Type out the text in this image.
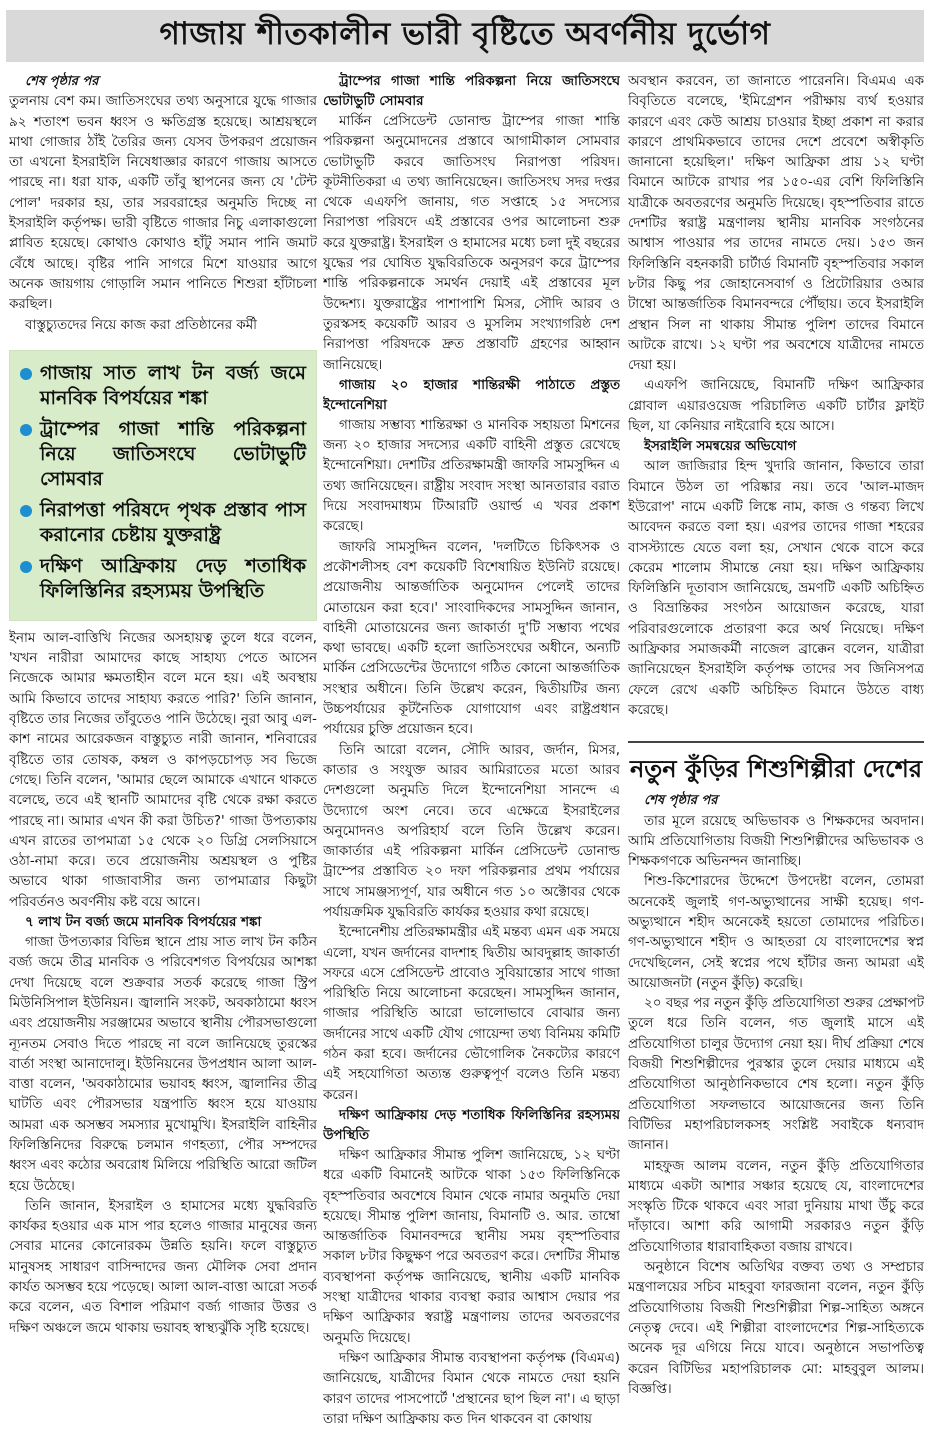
গাজায় শীতকালীন ভারী বৃষ্টিতে অবর্ণনীয় দুর্ভোগ

শেষ পৃষ্ঠার পর

তুলনায় বেশ কম। জাতিসংঘের তথ্য অনুসারে যুদ্ধে গাজার ৯২ শতাংশ ভবন ধ্বংস ও ক্ষতিগ্রস্ত হয়েছে। আশ্রয়স্থলে মাথা গোজার ঠাঁই তৈরির জন্য যেসব উপকরণ প্রয়োজন তা এখনো ইসরাইলি নিষেধাজ্ঞার কারণে গাজায় আসতে পারছে না। ধরা যাক, একটি তাঁবু স্থাপনের জন্য যে 'টেন্ট পোল' দরকার হয়, তার সরবরাহের অনুমতি দিচ্ছে না ইসরাইলি কর্তৃপক্ষ। ভারী বৃষ্টিতে গাজার নিচু এলাকাগুলো প্লাবিত হয়েছে। কোথাও কোথাও হাঁটু সমান পানি জমাট বেঁধে আছে। বৃষ্টির পানি সাগরে মিশে যাওয়ার আগে অনেক জায়গায় গোড়ালি সমান পানিতে শিশুরা হাঁটাচলা করছিল।

বাস্তুচ্যুতদের নিয়ে কাজ করা প্রতিষ্ঠানের কর্মী

গাজায় সাত লাখ টন বর্জ্য জমে মানবিক বিপর্যয়ের শঙ্কা
ট্রাম্পের গাজা শান্তি পরিকল্পনা নিয়ে জাতিসংঘে ভোটাভুটি সোমবার
নিরাপত্তা পরিষদে পৃথক প্রস্তাব পাস করানোর চেষ্টায় যুক্তরাষ্ট্র
দক্ষিণ আফ্রিকায় দেড় শতাধিক ফিলিস্তিনির রহস্যময় উপস্থিতি

ইনাম আল-বাত্তিখি নিজের অসহায়ত্ব তুলে ধরে বলেন, 'যখন নারীরা আমাদের কাছে সাহায্য পেতে আসেন নিজেকে আমার ক্ষমতাহীন বলে মনে হয়। এই অবস্থায় আমি কিভাবে তাদের সাহায্য করতে পারি?' তিনি জানান, বৃষ্টিতে তার নিজের তাঁবুতেও পানি উঠেছে। নুরা আবু এল-কাশ নামের আরেকজন বাস্তুচ্যুত নারী জানান, শনিবারের বৃষ্টিতে তার তোষক, কম্বল ও কাপড়চোপড় সব ভিজে গেছে। তিনি বলেন, 'আমার ছেলে আমাকে এখানে থাকতে বলেছে, তবে এই স্থানটি আমাদের বৃষ্টি থেকে রক্ষা করতে পারছে না। আমার এখন কী করা উচিত?' গাজা উপত্যকায় এখন রাতের তাপমাত্রা ১৫ থেকে ২০ ডিগ্রি সেলসিয়াসে ওঠা-নামা করে। তবে প্রয়োজনীয় অশ্রয়স্থল ও পুষ্টির অভাবে থাকা গাজাবাসীর জন্য তাপমাত্রার কিছুটা পরিবর্তনও অবর্ণনীয় কষ্ট বয়ে আনে।

৭ লাখ টন বর্জ্য জমে মানবিক বিপর্যয়ের শঙ্কা

গাজা উপত্যকার বিভিন্ন স্থানে প্রায় সাত লাখ টন কঠিন বর্জ্য জমে তীব্র মানবিক ও পরিবেশগত বিপর্যয়ের আশঙ্কা দেখা দিয়েছে বলে শুক্রবার সতর্ক করেছে গাজা স্ট্রিপ মিউনিসিপাল ইউনিয়ন। জ্বালানি সংকট, অবকাঠামো ধ্বংস এবং প্রয়োজনীয় সরঞ্জামের অভাবে স্থানীয় পৌরসভাগুলো ন্যূনতম সেবাও দিতে পারছে না বলে জানিয়েছে তুরস্কের বার্তা সংস্থা আনাদোলু। ইউনিয়নের উপপ্রধান আলা আল-বাত্তা বলেন, 'অবকাঠামোর ভয়াবহ ধ্বংস, জ্বালানির তীব্র ঘাটতি এবং পৌরসভার যন্ত্রপাতি ধ্বংস হয়ে যাওয়ায় আমরা এক অসম্ভব সমস্যার মুখোমুখি। ইসরাইলি বাহিনীর ফিলিস্তিনিদের বিরুদ্ধে চলমান গণহত্যা, পৌর সম্পদের ধ্বংস এবং কঠোর অবরোধ মিলিয়ে পরিস্থিতি আরো জটিল হয়ে উঠেছে।

তিনি জানান, ইসরাইল ও হামাসের মধ্যে যুদ্ধবিরতি কার্যকর হওয়ার এক মাস পার হলেও গাজার মানুষের জন্য সেবার মানের কোনোরকম উন্নতি হয়নি। ফলে বাস্তুচ্যুত মানুষসহ সাধারণ বাসিন্দাদের জন্য মৌলিক সেবা প্রদান কার্যত অসম্ভব হয়ে পড়েছে। আলা আল-বাত্তা আরো সতর্ক করে বলেন, এত বিশাল পরিমাণ বর্জ্য গাজার উত্তর ও দক্ষিণ অঞ্চলে জমে থাকায় ভয়াবহ স্বাস্থ্যঝুঁকি সৃষ্টি হয়েছে।

ট্রাম্পের গাজা শান্তি পরিকল্পনা নিয়ে জাতিসংঘে ভোটাভুটি সোমবার

মার্কিন প্রেসিডেন্ট ডোনাল্ড ট্রাম্পের গাজা শান্তি পরিকল্পনা অনুমোদনের প্রস্তাবে আগামীকাল সোমবার ভোটাভুটি করবে জাতিসংঘ নিরাপত্তা পরিষদ। কূটনীতিকরা এ তথ্য জানিয়েছেন। জাতিসংঘ সদর দপ্তর থেকে এএফপি জানায়, গত সপ্তাহে ১৫ সদস্যের নিরাপত্তা পরিষদে এই প্রস্তাবের ওপর আলোচনা শুরু করে যুক্তরাষ্ট্র। ইসরাইল ও হামাসের মধ্যে চলা দুই বছরের যুদ্ধের পর ঘোষিত যুদ্ধবিরতিকে অনুসরণ করে ট্রাম্পের শান্তি পরিকল্পনাকে সমর্থন দেয়াই এই প্রস্তাবের মূল উদ্দেশ্য। যুক্তরাষ্ট্রের পাশাপাশি মিসর, সৌদি আরব ও তুরস্কসহ কয়েকটি আরব ও মুসলিম সংখ্যাগরিষ্ঠ দেশ নিরাপত্তা পরিষদকে দ্রুত প্রস্তাবটি গ্রহণের আহ্বান জানিয়েছে।

গাজায় ২০ হাজার শান্তিরক্ষী পাঠাতে প্রস্তুত ইন্দোনেশিয়া

গাজায় সম্ভাব্য শান্তিরক্ষা ও মানবিক সহায়তা মিশনের জন্য ২০ হাজার সদস্যের একটি বাহিনী প্রস্তুত রেখেছে ইন্দোনেশিয়া। দেশটির প্রতিরক্ষামন্ত্রী জাফরি সামসুদ্দিন এ তথ্য জানিয়েছেন। রাষ্ট্রীয় সংবাদ সংস্থা আনতারার বরাত দিয়ে সংবাদমাধ্যম টিআরটি ওয়ার্ল্ড এ খবর প্রকাশ করেছে।

জাফরি সামসুদ্দিন বলেন, 'দলটিতে চিকিৎসক ও প্রকৌশলীসহ বেশ কয়েকটি বিশেষায়িত ইউনিট রয়েছে। প্রয়োজনীয় আন্তর্জাতিক অনুমোদন পেলেই তাদের মোতায়েন করা হবে।' সাংবাদিকদের সামসুদ্দিন জানান, বাহিনী মোতায়েনের জন্য জাকার্তা দু'টি সম্ভাব্য পথের কথা ভাবছে। একটি হলো জাতিসংঘের অধীনে, অন্যটি মার্কিন প্রেসিডেন্টের উদ্যোগে গঠিত কোনো আন্তর্জাতিক সংস্থার অধীনে। তিনি উল্লেখ করেন, দ্বিতীয়টির জন্য উচ্চপর্যায়ের কূটনৈতিক যোগাযোগ এবং রাষ্ট্রপ্রধান পর্যায়ের চুক্তি প্রয়োজন হবে।

তিনি আরো বলেন, সৌদি আরব, জর্দান, মিসর, কাতার ও সংযুক্ত আরব আমিরাতের মতো আরব দেশগুলো অনুমতি দিলে ইন্দোনেশিয়া সানন্দে এ উদ্যোগে অংশ নেবে। তবে এক্ষেত্রে ইসরাইলের অনুমোদনও অপরিহার্য বলে তিনি উল্লেখ করেন। জাকার্তার এই পরিকল্পনা মার্কিন প্রেসিডেন্ট ডোনাল্ড ট্রাম্পের প্রস্তাবিত ২০ দফা পরিকল্পনার প্রথম পর্যায়ের সাথে সামঞ্জস্যপূর্ণ, যার অধীনে গত ১০ অক্টোবর থেকে পর্যায়ক্রমিক যুদ্ধবিরতি কার্যকর হওয়ার কথা রয়েছে।

ইন্দোনেশীয় প্রতিরক্ষামন্ত্রীর এই মন্তব্য এমন এক সময়ে এলো, যখন জর্দানের বাদশাহ দ্বিতীয় আবদুল্লাহ জাকার্তা সফরে এসে প্রেসিডেন্ট প্রাবোও সুবিয়ান্তোর সাথে গাজা পরিস্থিতি নিয়ে আলোচনা করেছেন। সামসুদ্দিন জানান, গাজার পরিস্থিতি আরো ভালোভাবে বোঝার জন্য জর্দানের সাথে একটি যৌথ গোয়েন্দা তথ্য বিনিময় কমিটি গঠন করা হবে। জর্দানের ভৌগোলিক নৈকট্যের কারণে এই সহযোগিতা অত্যন্ত গুরুত্বপূর্ণ বলেও তিনি মন্তব্য করেন।

দক্ষিণ আফ্রিকায় দেড় শতাধিক ফিলিস্তিনির রহস্যময় উপস্থিতি

দক্ষিণ আফ্রিকার সীমান্ত পুলিশ জানিয়েছে, ১২ ঘণ্টা ধরে একটি বিমানেই আটকে থাকা ১৫৩ ফিলিস্তিনিকে বৃহস্পতিবার অবশেষে বিমান থেকে নামার অনুমতি দেয়া হয়েছে। সীমান্ত পুলিশ জানায়, বিমানটি ও. আর. তাম্বো আন্তর্জাতিক বিমানবন্দরে স্থানীয় সময় বৃহস্পতিবার সকাল ৮টার কিছুক্ষণ পরে অবতরণ করে। দেশটির সীমান্ত ব্যবস্থাপনা কর্তৃপক্ষ জানিয়েছে, স্থানীয় একটি মানবিক সংস্থা যাত্রীদের থাকার ব্যবস্থা করার আশ্বাস দেয়ার পর দক্ষিণ আফ্রিকার স্বরাষ্ট্র মন্ত্রণালয় তাদের অবতরণের অনুমতি দিয়েছে।

দক্ষিণ আফ্রিকার সীমান্ত ব্যবস্থাপনা কর্তৃপক্ষ (বিএমএ) জানিয়েছে, যাত্রীদের বিমান থেকে নামতে দেয়া হয়নি কারণ তাদের পাসপোর্টে 'প্রস্থানের ছাপ ছিল না'। এ ছাড়া তারা দক্ষিণ আফ্রিকায় কত দিন থাকবেন বা কোথায়

অবস্থান করবেন, তা জানাতে পারেননি। বিএমএ এক বিবৃতিতে বলেছে, 'ইমিগ্রেশন পরীক্ষায় ব্যর্থ হওয়ার কারণে এবং কেউ আশ্রয় চাওয়ার ইচ্ছা প্রকাশ না করার কারণে প্রাথমিকভাবে তাদের দেশে প্রবেশে অস্বীকৃতি জানানো হয়েছিল।' দক্ষিণ আফ্রিকা প্রায় ১২ ঘণ্টা বিমানে আটকে রাখার পর ১৫০-এর বেশি ফিলিস্তিনি যাত্রীকে অবতরণের অনুমতি দিয়েছে। বৃহস্পতিবার রাতে দেশটির স্বরাষ্ট্র মন্ত্রণালয় স্থানীয় মানবিক সংগঠনের আশ্বাস পাওয়ার পর তাদের নামতে দেয়। ১৫৩ জন ফিলিস্তিনি বহনকারী চার্টার্ড বিমানটি বৃহস্পতিবার সকাল ৮টার কিছু পর জোহানেসবার্গ ও প্রিটোরিয়ার ওআর টাম্বো আন্তর্জাতিক বিমানবন্দরে পৌঁছায়। তবে ইসরাইলি প্রস্থান সিল না থাকায় সীমান্ত পুলিশ তাদের বিমানে আটকে রাখে। ১২ ঘণ্টা পর অবশেষে যাত্রীদের নামতে দেয়া হয়।

এএফপি জানিয়েছে, বিমানটি দক্ষিণ আফ্রিকার গ্লোবাল এয়ারওয়েজ পরিচালিত একটি চার্টার ফ্লাইট ছিল, যা কেনিয়ার নাইরোবি হয়ে আসে।

ইসরাইলি সমন্বয়ের অভিযোগ

আল জাজিরার হিন্দ খুদারি জানান, কিভাবে তারা বিমানে উঠল তা পরিষ্কার নয়। তবে 'আল-মাজদ ইউরোপ' নামে একটি লিঙ্কে নাম, কাজ ও গন্তব্য লিখে আবেদন করতে বলা হয়। এরপর তাদের গাজা শহরের বাসস্ট্যান্ডে যেতে বলা হয়, সেখান থেকে বাসে করে কেরেম শালোম সীমান্তে নেয়া হয়। দক্ষিণ আফ্রিকায় ফিলিস্তিনি দূতাবাস জানিয়েছে, ভ্রমণটি একটি অচিহ্নিত ও বিভ্রান্তিকর সংগঠন আয়োজন করেছে, যারা পরিবারগুলোকে প্রতারণা করে অর্থ নিয়েছে। দক্ষিণ আফ্রিকার সমাজকর্মী নাজেল ব্রাক্কেন বলেন, যাত্রীরা জানিয়েছেন ইসরাইলি কর্তৃপক্ষ তাদের সব জিনিসপত্র ফেলে রেখে একটি অচিহ্নিত বিমানে উঠতে বাধ্য করেছে।

নতুন কুঁড়ির শিশুশিল্পীরা দেশের

শেষ পৃষ্ঠার পর

তার মূলে রয়েছে অভিভাবক ও শিক্ষকদের অবদান। আমি প্রতিযোগিতায় বিজয়ী শিশুশিল্পীদের অভিভাবক ও শিক্ষকগণকে অভিনন্দন জানাচ্ছি।

শিশু-কিশোরদের উদ্দেশে উপদেষ্টা বলেন, তোমরা অনেকেই জুলাই গণ-অভ্যুত্থানের সাক্ষী হয়েছ। গণ-অভ্যুত্থানে শহীদ অনেকেই হয়তো তোমাদের পরিচিত। গণ-অভ্যুত্থানে শহীদ ও আহতরা যে বাংলাদেশের স্বপ্ন দেখেছিলেন, সেই স্বপ্নের পথে হাঁটার জন্য আমরা এই আয়োজনটা (নতুন কুঁড়ি) করেছি।

২০ বছর পর নতুন কুঁড়ি প্রতিযোগিতা শুরুর প্রেক্ষাপট তুলে ধরে তিনি বলেন, গত জুলাই মাসে এই প্রতিযোগিতা চালুর উদ্যোগ নেয়া হয়। দীর্ঘ প্রক্রিয়া শেষে বিজয়ী শিশুশিল্পীদের পুরস্কার তুলে দেয়ার মাধ্যমে এই প্রতিযোগিতা আনুষ্ঠানিকভাবে শেষ হলো। নতুন কুঁড়ি প্রতিযোগিতা সফলভাবে আয়োজনের জন্য তিনি বিটিভির মহাপরিচালকসহ সংশ্লিষ্ট সবাইকে ধন্যবাদ জানান।

মাহফুজ আলম বলেন, নতুন কুঁড়ি প্রতিযোগিতার মাধ্যমে একটা আশার সঞ্চার হয়েছে যে, বাংলাদেশের সংস্কৃতি টিকে থাকবে এবং সারা দুনিয়ায় মাথা উঁচু করে দাঁড়াবে। আশা করি আগামী সরকারও নতুন কুঁড়ি প্রতিযোগিতার ধারাবাহিকতা বজায় রাখবে।

অনুষ্ঠানে বিশেষ অতিথির বক্তব্য তথ্য ও সম্প্রচার মন্ত্রণালয়ের সচিব মাহবুবা ফারজানা বলেন, নতুন কুঁড়ি প্রতিযোগিতায় বিজয়ী শিশুশিল্পীরা শিল্প-সাহিত্য অঙ্গনে নেতৃত্ব দেবে। এই শিল্পীরা বাংলাদেশের শিল্প-সাহিত্যকে অনেক দূর এগিয়ে নিয়ে যাবে। অনুষ্ঠানে সভাপতিত্ব করেন বিটিভির মহাপরিচালক মো: মাহবুবুল আলম। বিজ্ঞপ্তি।
